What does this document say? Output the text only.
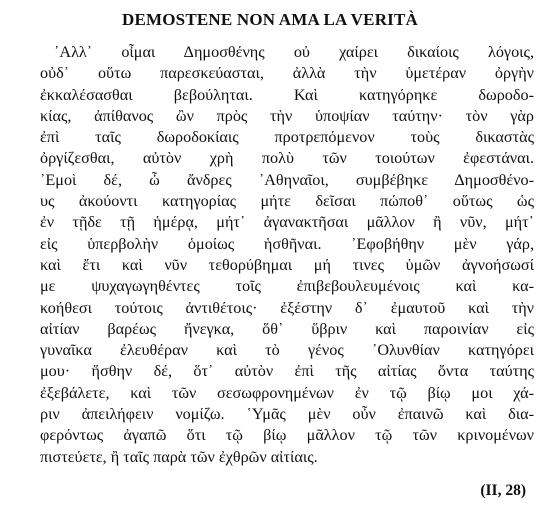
DEMOSTENE NON AMA LA VERITÀ
᾿Αλλ᾿ οἶμαι Δημοσθένης οὐ χαίρει δικαίοις λόγοις,
οὐδ᾿ οὕτω παρεσκεύασται, ἀλλὰ τὴν ὑμετέραν ὀργὴν
ἐκκαλέσασθαι βεβούληται. Καὶ κατηγόρηκε δωροδο-
κίας, ἀπίθανος ὢν πρὸς τὴν ὑποψίαν ταύτην· τὸν γὰρ
ἐπὶ ταῖς δωροδοκίαις προτρεπόμενον τοὺς δικαστὰς
ὀργίζεσθαι, αὐτὸν χρὴ πολὺ τῶν τοιούτων ἐφεστάναι.
᾿Εμοὶ δέ, ὦ ἄνδρες ᾿Αθηναῖοι, συμβέβηκε Δημοσθένο-
υς ἀκούοντι κατηγορίας μήτε δεῖσαι πώποθ᾿ οὕτως ὡς
ἐν τῇδε τῇ ἡμέρᾳ, μήτ᾿ ἀγανακτῆσαι μᾶλλον ἢ νῦν, μήτ᾿
εἰς ὑπερβολὴν ὁμοίως ἡσθῆναι. ᾿Εφοβήθην μὲν γάρ,
καὶ ἔτι καὶ νῦν τεθορύβημαι μή τινες ὑμῶν ἀγνοήσωσί
με ψυχαγωγηθέντες τοῖς ἐπιβεβουλευμένοις καὶ κα-
κοήθεσι τούτοις ἀντιθέτοις· ἐξέστην δ᾿ ἐμαυτοῦ καὶ τὴν
αἰτίαν βαρέως ἤνεγκα, ὅθ᾿ ὕβριν καὶ παροινίαν εἰς
γυναῖκα ἐλευθέραν καὶ τὸ γένος ᾿Ολυνθίαν κατηγόρει
μου· ἥσθην δέ, ὅτ᾿ αὐτὸν ἐπὶ τῆς αἰτίας ὄντα ταύτης
ἐξεβάλετε, καὶ τῶν σεσωφρονημένων ἐν τῷ βίῳ μοι χά-
ριν ἀπειλήφειν νομίζω. ῾Υμᾶς μὲν οὖν ἐπαινῶ καὶ δια-
φερόντως ἀγαπῶ ὅτι τῷ βίῳ μᾶλλον τῷ τῶν κρινομένων
πιστεύετε, ἢ ταῖς παρὰ τῶν ἐχθρῶν αἰτίαις.
(II, 28)
